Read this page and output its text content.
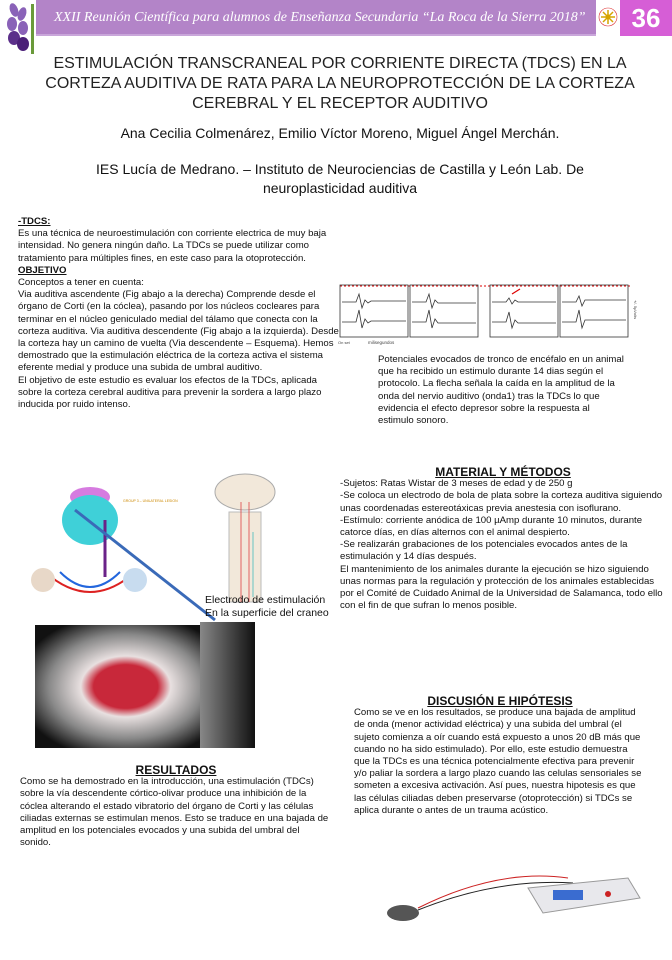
XXII Reunión Científica para alumnos de Enseñanza Secundaria “La Roca de la Sierra 2018”	36
ESTIMULACIÓN TRANSCRANEAL POR CORRIENTE DIRECTA (TDCS) EN LA CORTEZA AUDITIVA DE RATA PARA LA NEUROPROTECCIÓN DE LA CORTEZA CEREBRAL Y EL RECEPTOR AUDITIVO
Ana Cecilia Colmenárez, Emilio Víctor Moreno, Miguel Ángel Merchán.
IES Lucía de Medrano. – Instituto de Neurociencias de Castilla y León Lab. De neuroplasticidad auditiva
-TDCS:
Es una técnica de neuroestimulación con corriente electrica de muy baja intensidad. No genera ningún daño. La TDCs se puede utilizar como tratamiento para múltiples fines, en este caso para la otoprotección.
OBJETIVO
Conceptos a tener en cuenta:
Via auditiva ascendente (Fig abajo a la derecha) Comprende desde el órgano de Corti (en la cóclea), pasando por los núcleos cocleares para terminar en el núcleo geniculado medial del tálamo que conecta con la corteza auditiva. Via auditiva descendente (Fig abajo a la izquierda). Desde la corteza hay un camino de vuelta (Via descendente – Esquema). Hemos demostrado que la estimulación eléctrica de la corteza activa el sistema eferente medial y produce una subida de umbral auditivo.
El objetivo de este estudio es evaluar los efectos de la TDCs, aplicada sobre la corteza cerebral auditiva para prevenir la sordera a largo plazo inducida por ruido intenso.
On set	milisegundos
+/- 5µVolts
Potenciales evocados de tronco de encéfalo en un animal que ha recibido un estimulo durante 14 dias según el protocolo. La flecha señala la caída en la amplitud de la onda del nervio auditivo (onda1) tras la TDCs lo que evidencia el efecto depresor sobre la respuesta al estimulo sonoro.
GROUP 3 – UNILATERAL LESION
Electrodo de estimulación
En la superficie del craneo
RESULTADOS
Como se ha demostrado en la introducción, una estimulación (TDCs) sobre la vía descendente córtico-olivar produce una inhibición de la cóclea alterando el estado vibratorio del órgano de Corti y las células ciliadas externas se estimulan menos. Esto se traduce en una bajada de amplitud en los potenciales evocados y una subida del umbral del sonido.
MATERIAL Y MÉTODOS
-Sujetos: Ratas Wistar de 3 meses de edad y de 250 g
-Se coloca un electrodo de bola de plata sobre la corteza auditiva siguiendo unas coordenadas estereotáxicas previa anestesia con isoflurano.
-Estímulo: corriente anódica de 100 µAmp durante 10 minutos, durante catorce días, en días alternos con el animal despierto.
-Se realizarán grabaciones de los potenciales evocados antes de la estimulación y 14 días después.
El mantenimiento de los animales durante la ejecución se hizo siguiendo unas normas para la regulación y protección de los animales establecidas por el Comité de Cuidado Animal de la Universidad de Salamanca, todo ello con el fin de que sufran lo menos posible.
DISCUSIÓN E HIPÓTESIS
Como se ve en los resultados, se produce una bajada de amplitud de onda (menor actividad eléctrica) y una subida del umbral (el sujeto comienza a oír cuando está expuesto a unos 20 dB más que cuando no ha sido estimulado). Por ello, este estudio demuestra que la TDCs es una técnica potencialmente efectiva para prevenir y/o paliar la sordera a largo plazo cuando las celulas sensoriales se someten a excesiva activación. Así pues, nuestra hipotesis es que las células ciliadas deben preservarse (otoprotección) si TDCs se aplica durante o antes de un trauma acústico.
